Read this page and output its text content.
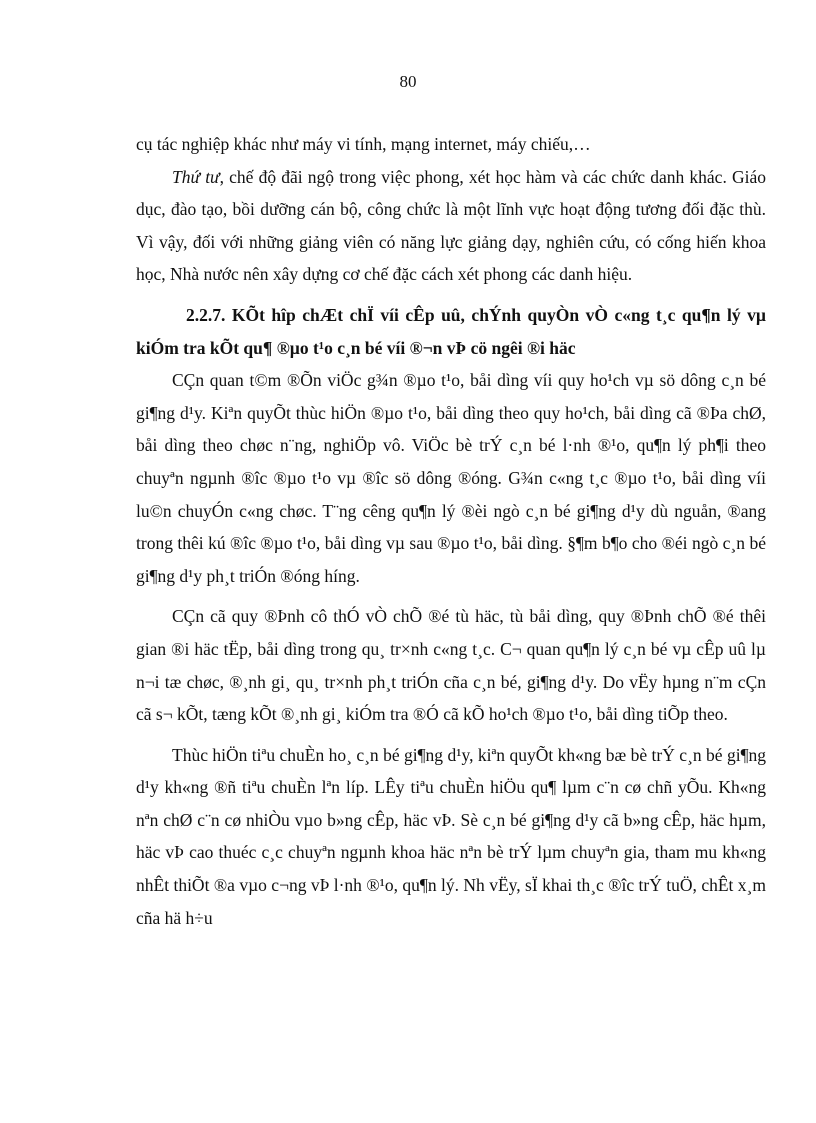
80

cụ tác nghiệp khác như máy vi tính, mạng internet, máy chiếu,…

Thứ tư, chế độ đãi ngộ trong việc phong, xét học hàm và các chức danh khác. Giáo dục, đào tạo, bồi dưỡng cán bộ, công chức là một lĩnh vực hoạt động tương đối đặc thù. Vì vậy, đối với những giảng viên có năng lực giảng dạy, nghiên cứu, có cống hiến khoa học, Nhà nước nên xây dựng cơ chế đặc cách xét phong các danh hiệu.

2.2.7. KÕt hîp chÆt chÏ víi cÊp uû, chÝnh quyÒn vÒ c«ng t¸c qu¶n lý vµ kiÓm tra kÕt qu¶ ®µo t¹o c¸n bé víi ®¬n vÞ cö ngêi ®i häc

CÇn quan t©m ®Õn viÖc g¾n ®µo t¹o, båi dìng víi quy ho¹ch vµ sö dông c¸n bé gi¶ng d¹y. Kiªn quyÕt thùc hiÖn ®µo t¹o, båi dìng theo quy ho¹ch, båi dìng cã ®Þa chØ, båi dìng theo chøc n¨ng, nghiÖp vô. ViÖc bè trÝ c¸n bé l·nh ®¹o, qu¶n lý ph¶i theo chuyªn ngµnh ®îc ®µo t¹o vµ ®îc sö dông ®óng. G¾n c«ng t¸c ®µo t¹o, båi dìng víi lu©n chuyÓn c«ng chøc. T¨ng cêng qu¶n lý ®èi ngò c¸n bé gi¶ng d¹y dù nguån, ®ang trong thêi kú ®îc ®µo t¹o, båi dìng vµ sau ®µo t¹o, båi dìng. §¶m b¶o cho ®éi ngò c¸n bé gi¶ng d¹y ph¸t triÓn ®óng híng.

CÇn cã quy ®Þnh cô thÓ vÒ chÕ ®é tù häc, tù båi dìng, quy ®Þnh chÕ ®é thêi gian ®i häc tËp, båi dìng trong qu¸ tr×nh c«ng t¸c. C¬ quan qu¶n lý c¸n bé vµ cÊp uû lµ n¬i tæ chøc, ®¸nh gi¸ qu¸ tr×nh ph¸t triÓn cña c¸n bé, gi¶ng d¹y. Do vËy hµng n¨m cÇn cã s¬ kÕt, tæng kÕt ®¸nh gi¸ kiÓm tra ®Ó cã kÕ ho¹ch ®µo t¹o, båi dìng tiÕp theo.

Thùc hiÖn tiªu chuÈn ho¸ c¸n bé gi¶ng d¹y, kiªn quyÕt kh«ng bæ bè trÝ c¸n bé gi¶ng d¹y kh«ng ®ñ tiªu chuÈn lªn líp. LÊy tiªu chuÈn hiÖu qu¶ lµm c¨n cø chñ yÕu. Kh«ng nªn chØ c¨n cø nhiÒu vµo b»ng cÊp, häc vÞ. Sè c¸n bé gi¶ng d¹y cã b»ng cÊp, häc hµm, häc vÞ cao thuéc c¸c chuyªn ngµnh khoa häc nªn bè trÝ lµm chuyªn gia, tham mu kh«ng nhÊt thiÕt ®a vµo c¬ng vÞ l·nh ®¹o, qu¶n lý. Nh vËy, sÏ khai th¸c ®îc trÝ tuÖ, chÊt x¸m cña hä h÷u
